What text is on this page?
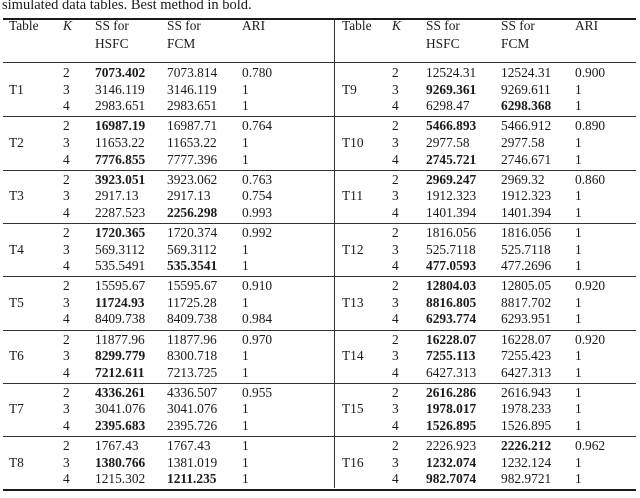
simulated data tables. Best method in bold.
Table K SS for
HSFC
SS for
FCM
ARI	Table K SS for
HSFC
SS for
FCM
ARI
T1
2 7073.402 7073.814 0.780
3 3146.119 3146.119 1
4 2983.651 2983.651 1
T2
2 16987.19 16987.71 0.764
3 11653.22 11653.22 1
4 7776.855 7777.396 1
T3
2 3923.051 3923.062 0.763
3 2917.13 2917.13 0.754
4 2287.523 2256.298 0.993
T4
2 1720.365 1720.374 0.992
3 569.3112 569.3112 1
4 535.5491 535.3541 1
T5
2 15595.67 15595.67 0.910
3 11724.93 11725.28 1
4 8409.738 8409.738 0.984
T6
2 11877.96 11877.96 0.970
3 8299.779 8300.718 1
4 7212.611 7213.725 1
T7
2 4336.261 4336.507 0.955
3 3041.076 3041.076 1
4 2395.683 2395.726 1
T8
2 1767.43 1767.43 1
3 1380.766 1381.019 1
4 1215.302 1211.235 1
T9
2 12524.31 12524.31 0.900
3 9269.361 9269.611 1
4 6298.47 6298.368 1
T10
2 5466.893 5466.912 0.890
3 2977.58 2977.58 1
4 2745.721 2746.671 1
T11
2 2969.247 2969.32 0.860
3 1912.323 1912.323 1
4 1401.394 1401.394 1
T12
2 1816.056 1816.056 1
3 525.7118 525.7118 1
4 477.0593 477.2696 1
T13
2 12804.03 12805.05 0.920
3 8816.805 8817.702 1
4 6293.774 6293.951 1
T14
2 16228.07 16228.07 0.920
3 7255.113 7255.423 1
4 6427.313 6427.313 1
T15
2 2616.286 2616.943 1
3 1978.017 1978.233 1
4 1526.895 1526.895 1
T16
2 2226.923 2226.212 0.962
3 1232.074 1232.124 1
4 982.7074 982.9721 1
